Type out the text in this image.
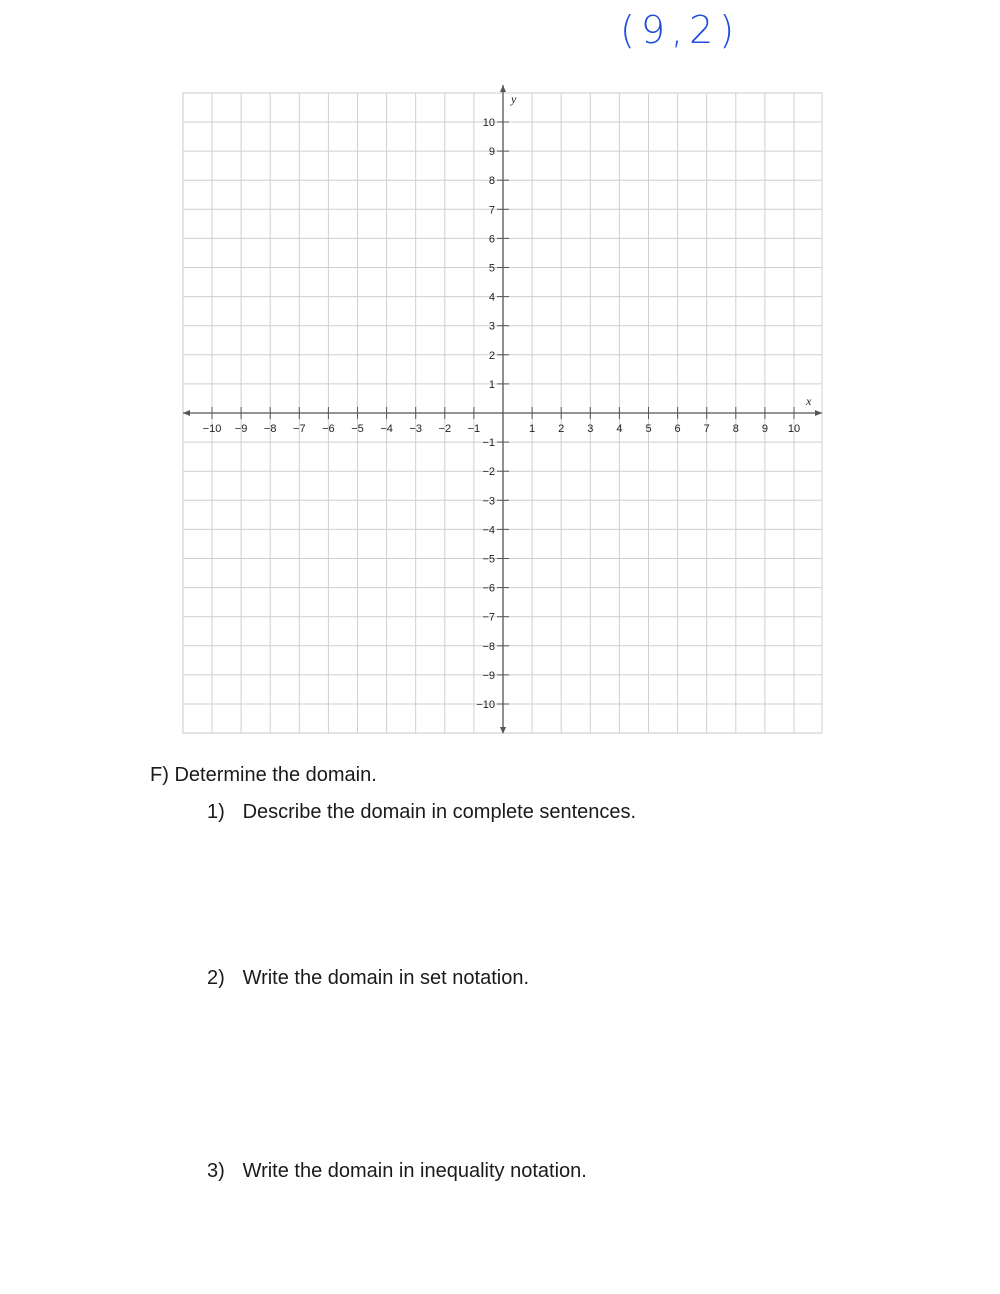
(9,2)
−10 −9 −8 −7 −6 −5 −4 −3 −2 −1	1 2 3 4 5 6 7 8 9 10
10
9
8
7
6
5
4
3
2
1
−1
−2
−3
−4
−5
−6
−7
−8
−9
−10
x
y
F) Determine the domain.
1) Describe the domain in complete sentences.
2) Write the domain in set notation.
3) Write the domain in inequality notation.
